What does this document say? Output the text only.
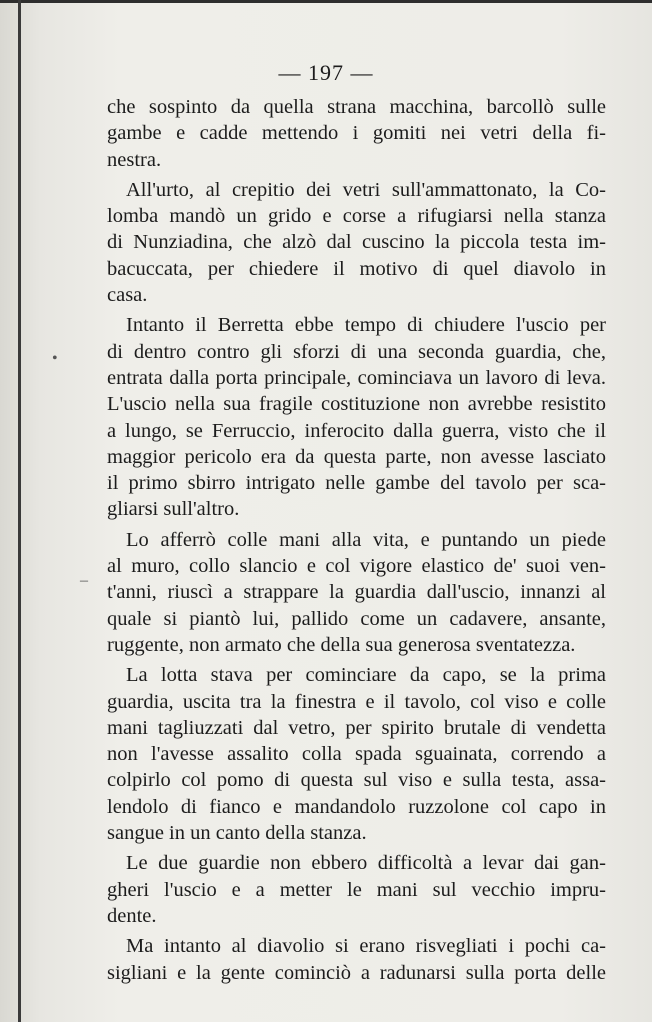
— 197 —
•
–
che sospinto da quella strana macchina, barcollò sulle
gambe e cadde mettendo i gomiti nei vetri della fi-
nestra.
All'urto, al crepitio dei vetri sull'ammattonato, la Co-
lomba mandò un grido e corse a rifugiarsi nella stanza
di Nunziadina, che alzò dal cuscino la piccola testa im-
bacuccata, per chiedere il motivo di quel diavolo in
casa.
Intanto il Berretta ebbe tempo di chiudere l'uscio per
di dentro contro gli sforzi di una seconda guardia, che,
entrata dalla porta principale, cominciava un lavoro di leva.
L'uscio nella sua fragile costituzione non avrebbe resistito
a lungo, se Ferruccio, inferocito dalla guerra, visto che il
maggior pericolo era da questa parte, non avesse lasciato
il primo sbirro intrigato nelle gambe del tavolo per sca-
gliarsi sull'altro.
Lo afferrò colle mani alla vita, e puntando un piede
al muro, collo slancio e col vigore elastico de' suoi ven-
t'anni, riuscì a strappare la guardia dall'uscio, innanzi al
quale si piantò lui, pallido come un cadavere, ansante,
ruggente, non armato che della sua generosa sventatezza.
La lotta stava per cominciare da capo, se la prima
guardia, uscita tra la finestra e il tavolo, col viso e colle
mani tagliuzzati dal vetro, per spirito brutale di vendetta
non l'avesse assalito colla spada sguainata, correndo a
colpirlo col pomo di questa sul viso e sulla testa, assa-
lendolo di fianco e mandandolo ruzzolone col capo in
sangue in un canto della stanza.
Le due guardie non ebbero difficoltà a levar dai gan-
gheri l'uscio e a metter le mani sul vecchio impru-
dente.
Ma intanto al diavolio si erano risvegliati i pochi ca-
sigliani e la gente cominciò a radunarsi sulla porta delle
